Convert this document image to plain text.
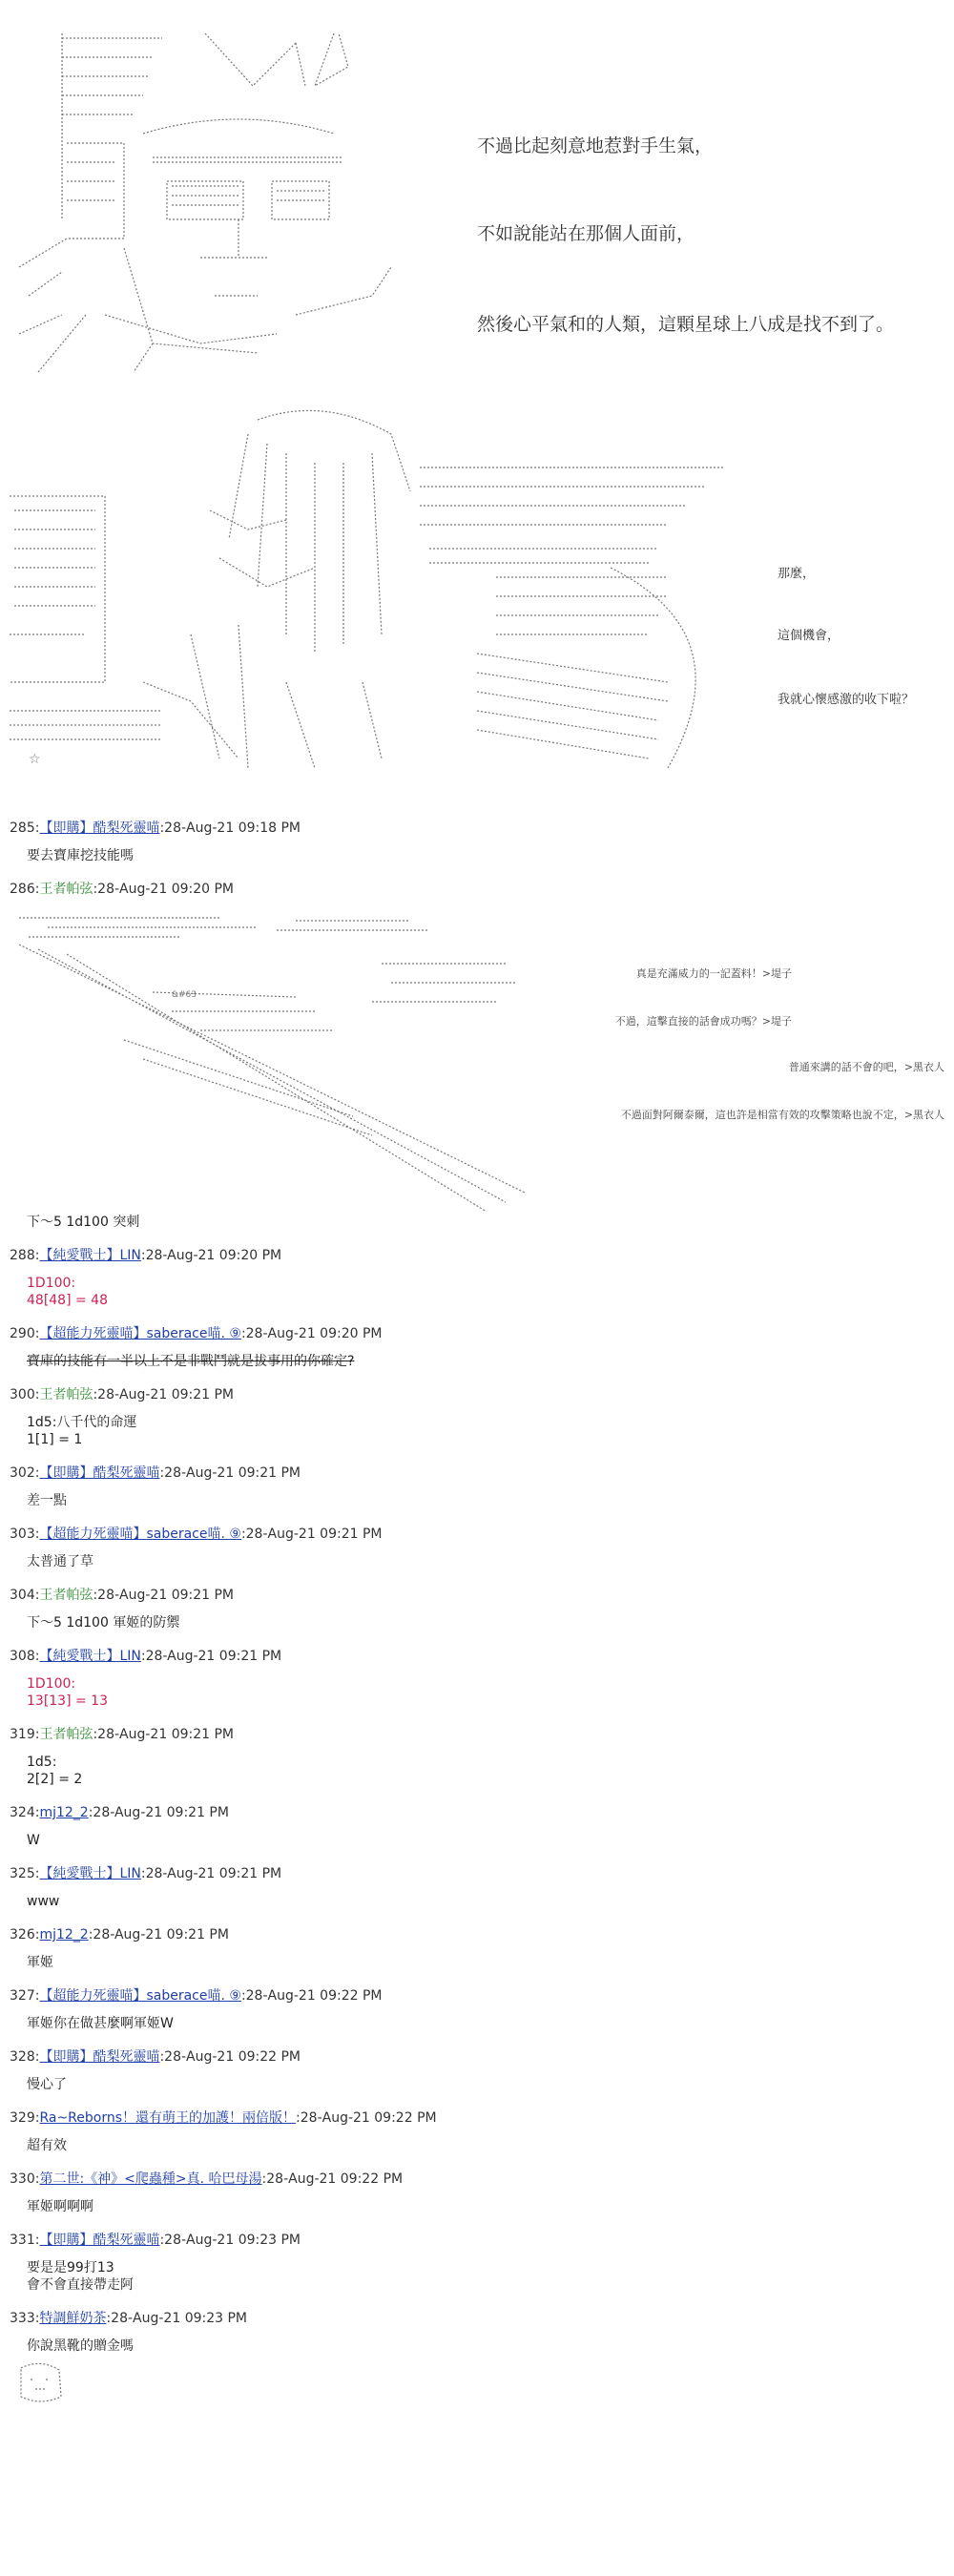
不過比起刻意地惹對手生氣，
不如說能站在那個人面前，
然後心平氣和的人類，這顆星球上八成是找不到了。
☆
那麼，
這個機會，
我就心懷感激的收下啦？
285:【即購】酷梨死靈喵:28-Aug-21 09:18 PM
要去寶庫挖技能嗎
286:王者帕弦:28-Aug-21 09:20 PM
&#63
真是充滿威力的一記蓋料！>堤子
不過，這擊直接的話會成功嗎？>堤子
普通來講的話不會的吧，>黑衣人
不過面對阿爾泰爾，這也許是相當有效的攻擊策略也說不定，>黑衣人
下～5 1d100 突刺
288:【純愛戰士】LIN:28-Aug-21 09:20 PM
1D100:
48[48] = 48
290:【超能力死靈喵】saberace喵. ⑨:28-Aug-21 09:20 PM
寶庫的技能有一半以上不是非戰鬥就是拔事用的你確定?
300:王者帕弦:28-Aug-21 09:21 PM
1d5:八千代的命運
1[1] = 1
302:【即購】酷梨死靈喵:28-Aug-21 09:21 PM
差一點
303:【超能力死靈喵】saberace喵. ⑨:28-Aug-21 09:21 PM
太普通了草
304:王者帕弦:28-Aug-21 09:21 PM
下～5 1d100 軍姬的防禦
308:【純愛戰士】LIN:28-Aug-21 09:21 PM
1D100:
13[13] = 13
319:王者帕弦:28-Aug-21 09:21 PM
1d5:
2[2] = 2
324:mj12_2:28-Aug-21 09:21 PM
W
325:【純愛戰士】LIN:28-Aug-21 09:21 PM
www
326:mj12_2:28-Aug-21 09:21 PM
軍姬
327:【超能力死靈喵】saberace喵. ⑨:28-Aug-21 09:22 PM
軍姬你在做甚麼啊軍姬W
328:【即購】酷梨死靈喵:28-Aug-21 09:22 PM
慢心了
329:Ra~Reborns！還有萌王的加護！兩倍版！:28-Aug-21 09:22 PM
超有效
330:第二世:《神》<爬蟲種>真. 哈巴母湯:28-Aug-21 09:22 PM
軍姬啊啊啊
331:【即購】酷梨死靈喵:28-Aug-21 09:23 PM
要是是99打13
會不會直接帶走阿
333:特調鮮奶茶:28-Aug-21 09:23 PM
你說黑靴的贈金嗎
